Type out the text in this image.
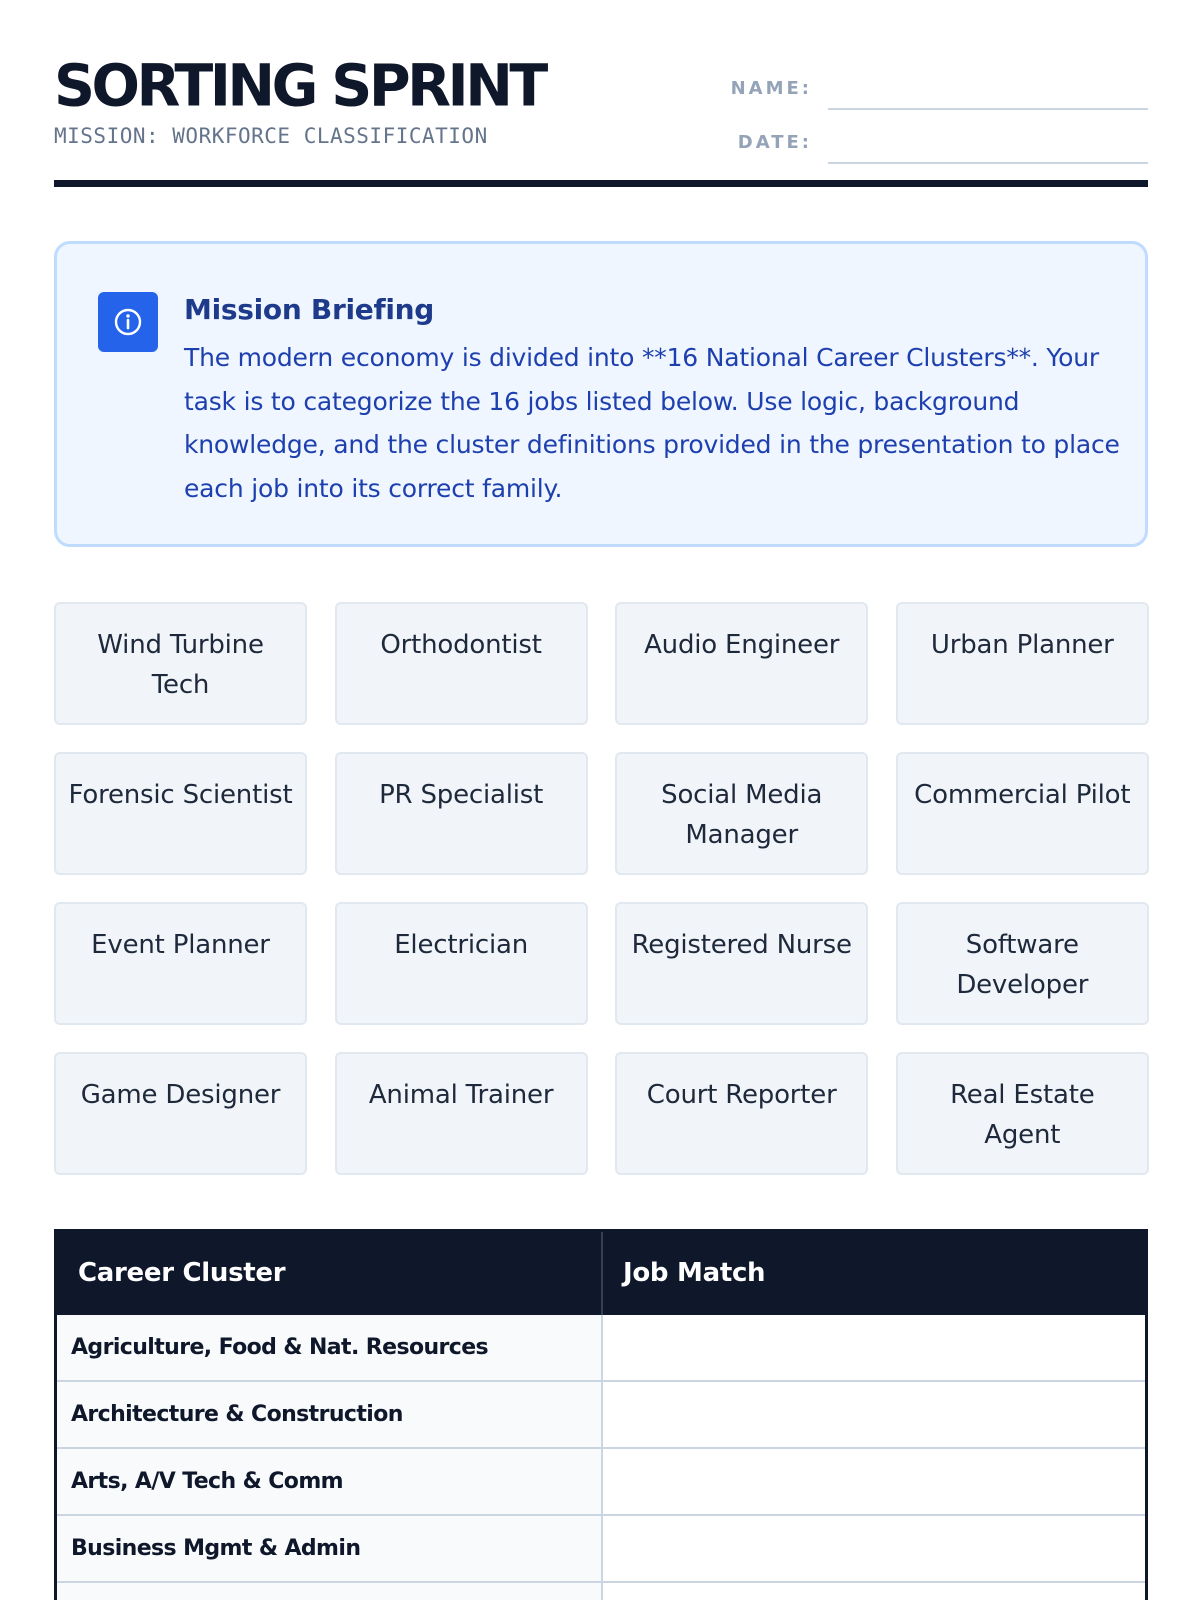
SORTING SPRINT
MISSION: WORKFORCE CLASSIFICATION
NAME:
DATE:
Mission Briefing
The modern economy is divided into **16 National Career Clusters**. Your task is to categorize the 16 jobs listed below. Use logic, background knowledge, and the cluster definitions provided in the presentation to place each job into its correct family.
Wind Turbine Tech
Orthodontist	Audio Engineer	Urban Planner
Forensic Scientist	PR Specialist	Social Media Manager
Commercial Pilot
Event Planner	Electrician	Registered Nurse	Software Developer
Game Designer	Animal Trainer	Court Reporter	Real Estate Agent
Career Cluster	Job Match
Agriculture, Food & Nat. Resources
Architecture & Construction
Arts, A/V Tech & Comm
Business Mgmt & Admin
